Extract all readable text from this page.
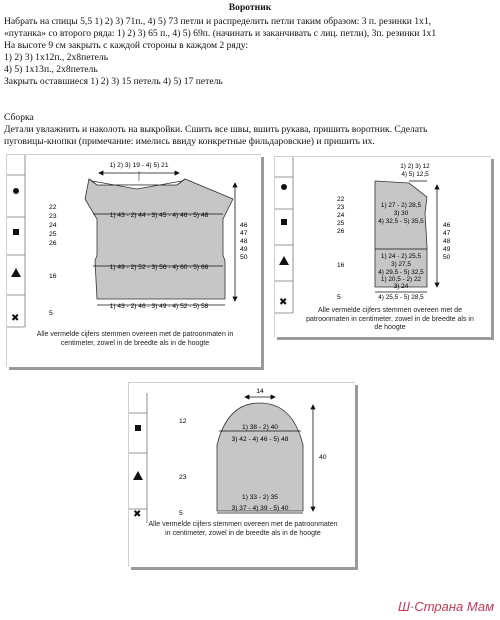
Воротник
Набрать на спицы 5,5 1) 2) 3) 71п., 4) 5) 73 петли и распределить петли таким образом: 3 п. резинки 1х1,
«путанка» со второго ряда: 1) 2) 3) 65 п., 4) 5) 69п. (начинать и заканчивать с лиц. петли), 3п. резинки 1х1
На высоте 9 см закрыть с каждой стороны в каждом 2 ряду:
1) 2) 3) 1х12п., 2х8петель
4) 5) 1х13п., 2х8петель
Закрыть оставшиеся 1) 2) 3) 15 петель 4) 5) 17 петель
Сборка
Детали увлажнить и наколоть на выкройки. Сшить все швы, вшить рукава, пришить воротник. Сделать
пуговицы-кнопки (примечание: имелись ввиду конкретные фильдаровские) и пришить их.
✖
1) 2) 3) 19 - 4) 5) 21
1) 43 - 2) 44 - 3) 45 - 4) 46 - 5) 48
1) 49 - 2) 52 - 3) 56 - 4) 60 - 5) 66
1) 43 - 2) 46 - 3) 49 - 4) 52 - 5) 58
22
23
24
25
26
16
5
46
47
48
49
50
Alle vermelde cijfers stemmen overeen met de patroonmaten in centimeter, zowel in de breedte als in de hoogte
✖
1) 2) 3) 12
4) 5) 12,5
1) 27 - 2) 28,5
3) 30
4) 32,5 - 5) 35,5
1) 24 - 2) 25,5
3) 27,5
4) 29,5 - 5) 32,5
1) 20,5 - 2) 22
3) 24
4) 25,5 - 5) 28,5
22
23
24
25
26
16
5
46
47
48
49
50
Alle vermelde cijfers stemmen overeen met de patroonmaten in centimeter, zowel in de breedte als in de hoogte
✖
14
1) 38 - 2) 40
3) 42 - 4) 46 - 5) 48
1) 33 - 2) 35
3) 37 - 4) 39 - 5) 40
12
23
5
40
Alle vermelde cijfers stemmen overeen met de patroonmaten in centimeter, zowel in de breedte als in de hoogte
Ш·Страна Мам
